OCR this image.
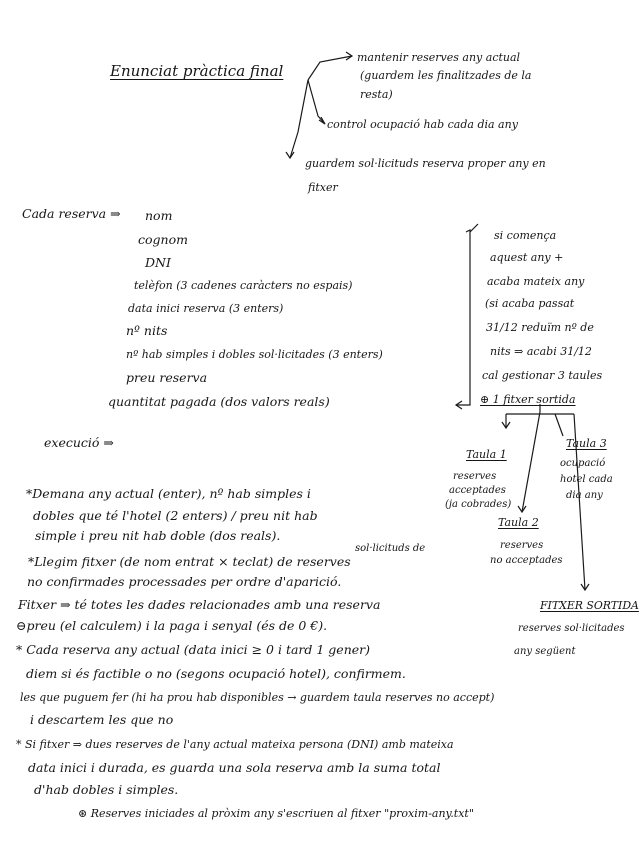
Enunciat pràctica final
mantenir reserves any actual
(guardem les finalitzades de la
resta)
control ocupació hab cada dia any
guardem sol·licituds reserva proper any en
fitxer
Cada reserva ⇒ nom
cognom
DNI
telèfon (3 cadenes caràcters no espais)
data inici reserva (3 enters)
nº nits
nº hab simples i dobles sol·licitades (3 enters)
preu reserva
quantitat pagada (dos valors reals)
si comença
aquest any +
acaba mateix any
(si acaba passat
31/12 reduïm nº de
nits ⇒ acabi 31/12
cal gestionar 3 taules
⊕ 1 fitxer sortida
execució ⇒
Taula 1
reserves
acceptades
(ja cobrades)
Taula 3
ocupació
hotel cada
dia any
Taula 2
reserves
no acceptades
FITXER SORTIDA
reserves sol·licitades
any següent
*Demana any actual (enter), nº hab simples i
dobles que té l'hotel (2 enters) / preu nit hab
simple i preu nit hab doble (dos reals).
sol·licituds de
*Llegim fitxer (de nom entrat × teclat) de reserves
no confirmades processades per ordre d'aparició.
Fitxer ⇒ té totes les dades relacionades amb una reserva
⊖preu (el calculem) i la paga i senyal (és de 0 €).
* Cada reserva any actual (data inici ≥ 0 i tard 1 gener)
diem si és factible o no (segons ocupació hotel), confirmem.
les que puguem fer (hi ha prou hab disponibles → guardem taula reserves no accept)
i descartem les que no
* Si fitxer ⇒ dues reserves de l'any actual mateixa persona (DNI) amb mateixa
data inici i durada, es guarda una sola reserva amb la suma total
d'hab dobles i simples.
⊛ Reserves iniciades al pròxim any s'escriuen al fitxer "proxim-any.txt"
